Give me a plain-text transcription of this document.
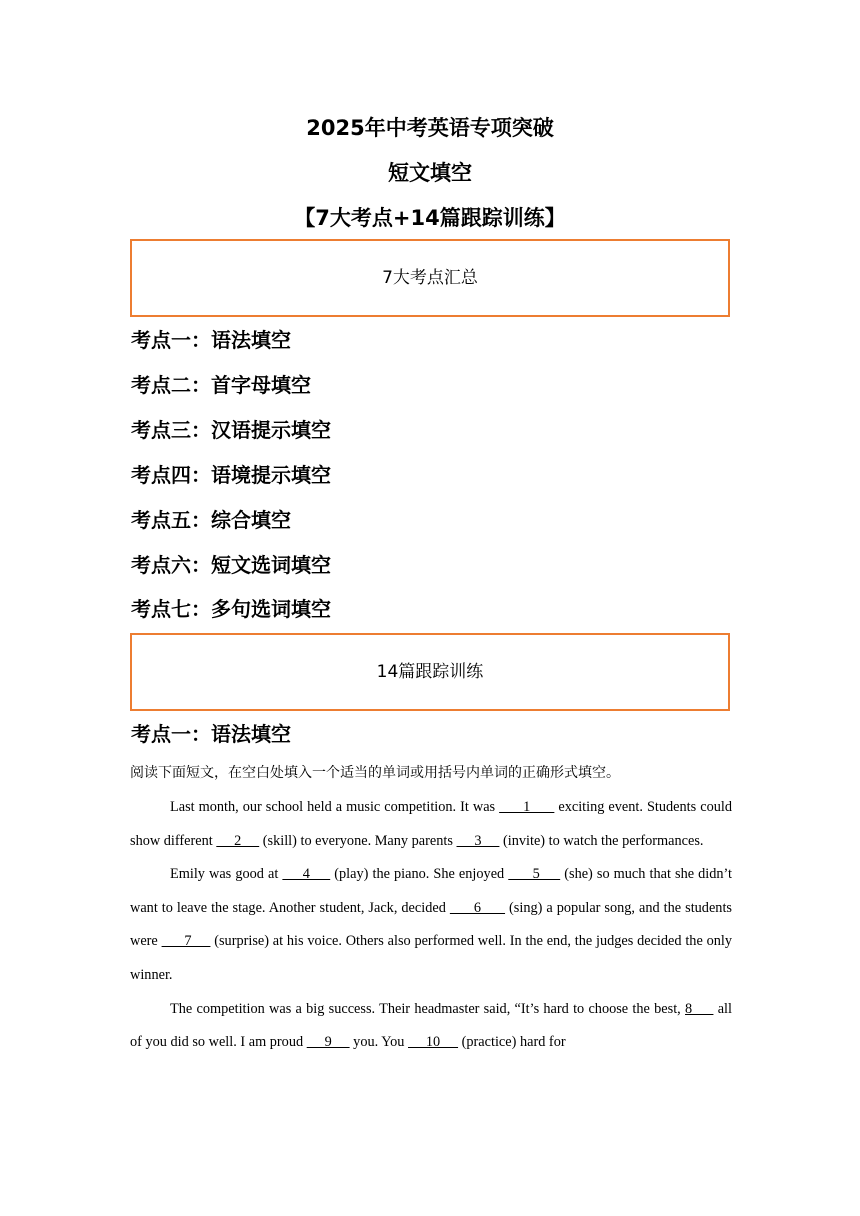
2025年中考英语专项突破
短文填空
【7大考点+14篇跟踪训练】
7大考点汇总
考点一：语法填空
考点二：首字母填空
考点三：汉语提示填空
考点四：语境提示填空
考点五：综合填空
考点六：短文选词填空
考点七：多句选词填空
14篇跟踪训练
考点一：语法填空
阅读下面短文，在空白处填入一个适当的单词或用括号内单词的正确形式填空。

Last month, our school held a music competition. It was       1       exciting event. Students could show different      2      (skill) to everyone. Many parents      3      (invite) to watch the performances.

Emily was good at      4      (play) the piano. She enjoyed       5      (she) so much that she didn’t want to leave the stage. Another student, Jack, decided       6       (sing) a popular song, and the students were       7      (surprise) at his voice. Others also performed well. In the end, the judges decided the only winner.

The competition was a big success. Their headmaster said, “It’s hard to choose the best, 8      all of you did so well. I am proud      9      you. You      10      (practice) hard for
